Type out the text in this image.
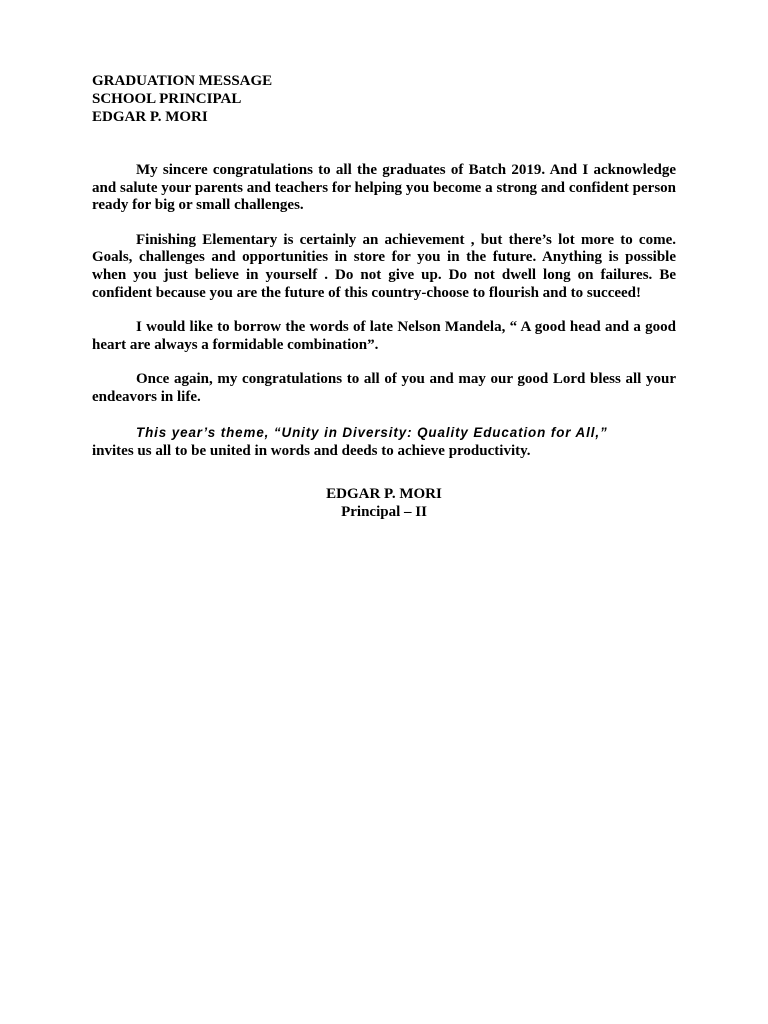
GRADUATION MESSAGE

SCHOOL PRINCIPAL

EDGAR P. MORI

My sincere congratulations to all the graduates of Batch 2019. And I acknowledge and salute your parents and teachers for helping you become a strong and confident person ready for big or small challenges.

Finishing Elementary is certainly an achievement , but there’s lot more to come. Goals, challenges and opportunities in store for you in the future. Anything is possible when you just believe in yourself . Do not give up. Do not dwell long on failures. Be confident because you are the future of this country-choose to flourish and to succeed!

I would like to borrow the words of late Nelson Mandela, “ A good head and a good heart are always a formidable combination”.

Once again, my congratulations to all of you and may our good Lord bless all your endeavors in life.

This year’s theme, “Unity in Diversity: Quality Education for All,”

invites us all to be united in words and deeds to achieve productivity.

EDGAR P. MORI
Principal – II
